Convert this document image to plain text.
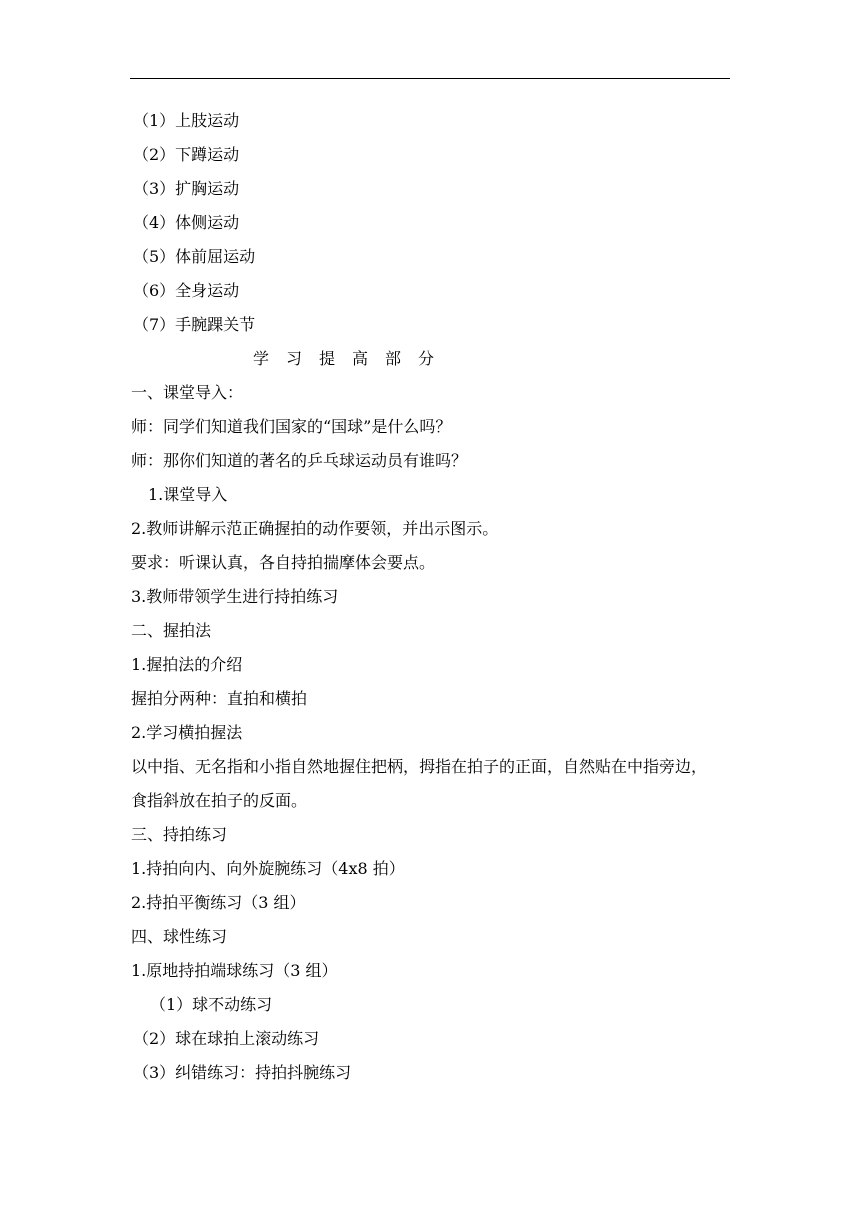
（1）上肢运动
（2）下蹲运动
（3）扩胸运动
（4）体侧运动
（5）体前屈运动
（6）全身运动
（7）手腕踝关节
学习提高部分
一、课堂导入：
师：同学们知道我们国家的“国球”是什么吗？
师：那你们知道的著名的乒乓球运动员有谁吗？
1.课堂导入
2.教师讲解示范正确握拍的动作要领，并出示图示。
要求：听课认真，各自持拍揣摩体会要点。
3.教师带领学生进行持拍练习
二、握拍法
1.握拍法的介绍
握拍分两种：直拍和横拍
2.学习横拍握法
以中指、无名指和小指自然地握住把柄，拇指在拍子的正面，自然贴在中指旁边，
食指斜放在拍子的反面。
三、持拍练习
1.持拍向内、向外旋腕练习（4x8 拍）
2.持拍平衡练习（3 组）
四、球性练习
1.原地持拍端球练习（3 组）
（1）球不动练习
（2）球在球拍上滚动练习
（3）纠错练习：持拍抖腕练习
